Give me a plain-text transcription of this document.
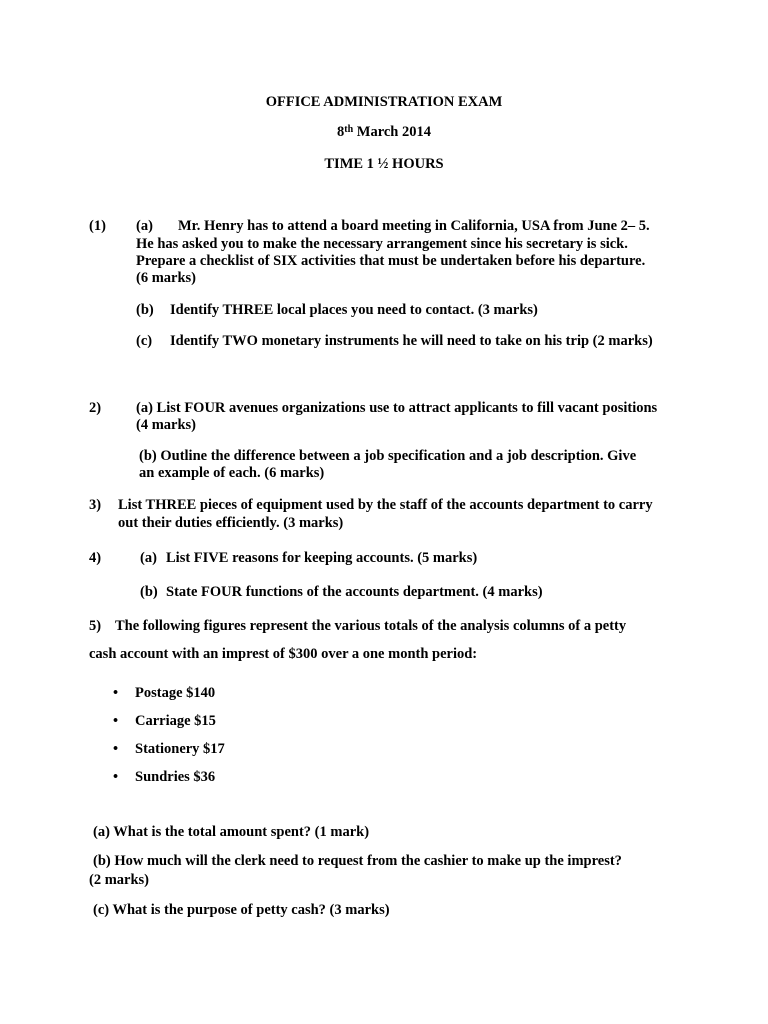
OFFICE ADMINISTRATION EXAM
8th March 2014
TIME 1 ½ HOURS
(1) (a) Mr. Henry has to attend a board meeting in California, USA from June 2– 5.
He has asked you to make the necessary arrangement since his secretary is sick.
Prepare a checklist of SIX activities that must be undertaken before his departure.
(6 marks)
(b) Identify THREE local places you need to contact. (3 marks)
(c) Identify TWO monetary instruments he will need to take on his trip (2 marks)
2) (a) List FOUR avenues organizations use to attract applicants to fill vacant positions
(4 marks)
(b) Outline the difference between a job specification and a job description. Give
an example of each. (6 marks)
3) List THREE pieces of equipment used by the staff of the accounts department to carry
out their duties efficiently. (3 marks)
4)	(a) List FIVE reasons for keeping accounts. (5 marks)
(b) State FOUR functions of the accounts department. (4 marks)
5) The following figures represent the various totals of the analysis columns of a petty
cash account with an imprest of $300 over a one month period:
• Postage $140
• Carriage $15
• Stationery $17
• Sundries $36
(a) What is the total amount spent? (1 mark)
(b) How much will the clerk need to request from the cashier to make up the imprest?
(2 marks)
(c) What is the purpose of petty cash? (3 marks)
